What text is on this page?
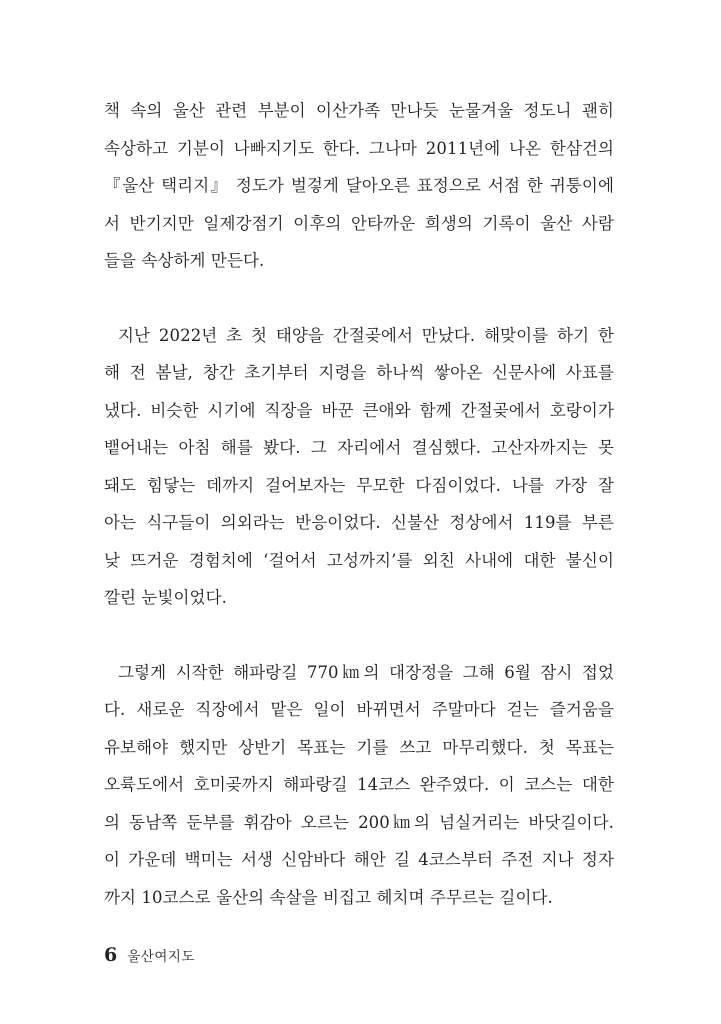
책 속의 울산 관련 부분이 이산가족 만나듯 눈물겨울 정도니 괜히
속상하고 기분이 나빠지기도 한다. 그나마 2011년에 나온 한삼건의
『울산 택리지』 정도가 벌겋게 달아오른 표정으로 서점 한 귀퉁이에
서 반기지만 일제강점기 이후의 안타까운 희생의 기록이 울산 사람
들을 속상하게 만든다.
지난 2022년 초 첫 태양을 간절곶에서 만났다. 해맞이를 하기 한
해 전 봄날, 창간 초기부터 지령을 하나씩 쌓아온 신문사에 사표를
냈다. 비슷한 시기에 직장을 바꾼 큰애와 함께 간절곶에서 호랑이가
뱉어내는 아침 해를 봤다. 그 자리에서 결심했다. 고산자까지는 못
돼도 힘닿는 데까지 걸어보자는 무모한 다짐이었다. 나를 가장 잘
아는 식구들이 의외라는 반응이었다. 신불산 정상에서 119를 부른
낮 뜨거운 경험치에 ‘걸어서 고성까지’를 외친 사내에 대한 불신이
깔린 눈빛이었다.
그렇게 시작한 해파랑길 770㎞의 대장정을 그해 6월 잠시 접었
다. 새로운 직장에서 맡은 일이 바뀌면서 주말마다 걷는 즐거움을
유보해야 했지만 상반기 목표는 기를 쓰고 마무리했다. 첫 목표는
오륙도에서 호미곶까지 해파랑길 14코스 완주였다. 이 코스는 대한
의 동남쪽 둔부를 휘감아 오르는 200㎞의 넘실거리는 바닷길이다.
이 가운데 백미는 서생 신암바다 해안 길 4코스부터 주전 지나 정자
까지 10코스로 울산의 속살을 비집고 헤치며 주무르는 길이다.
6 울산여지도
